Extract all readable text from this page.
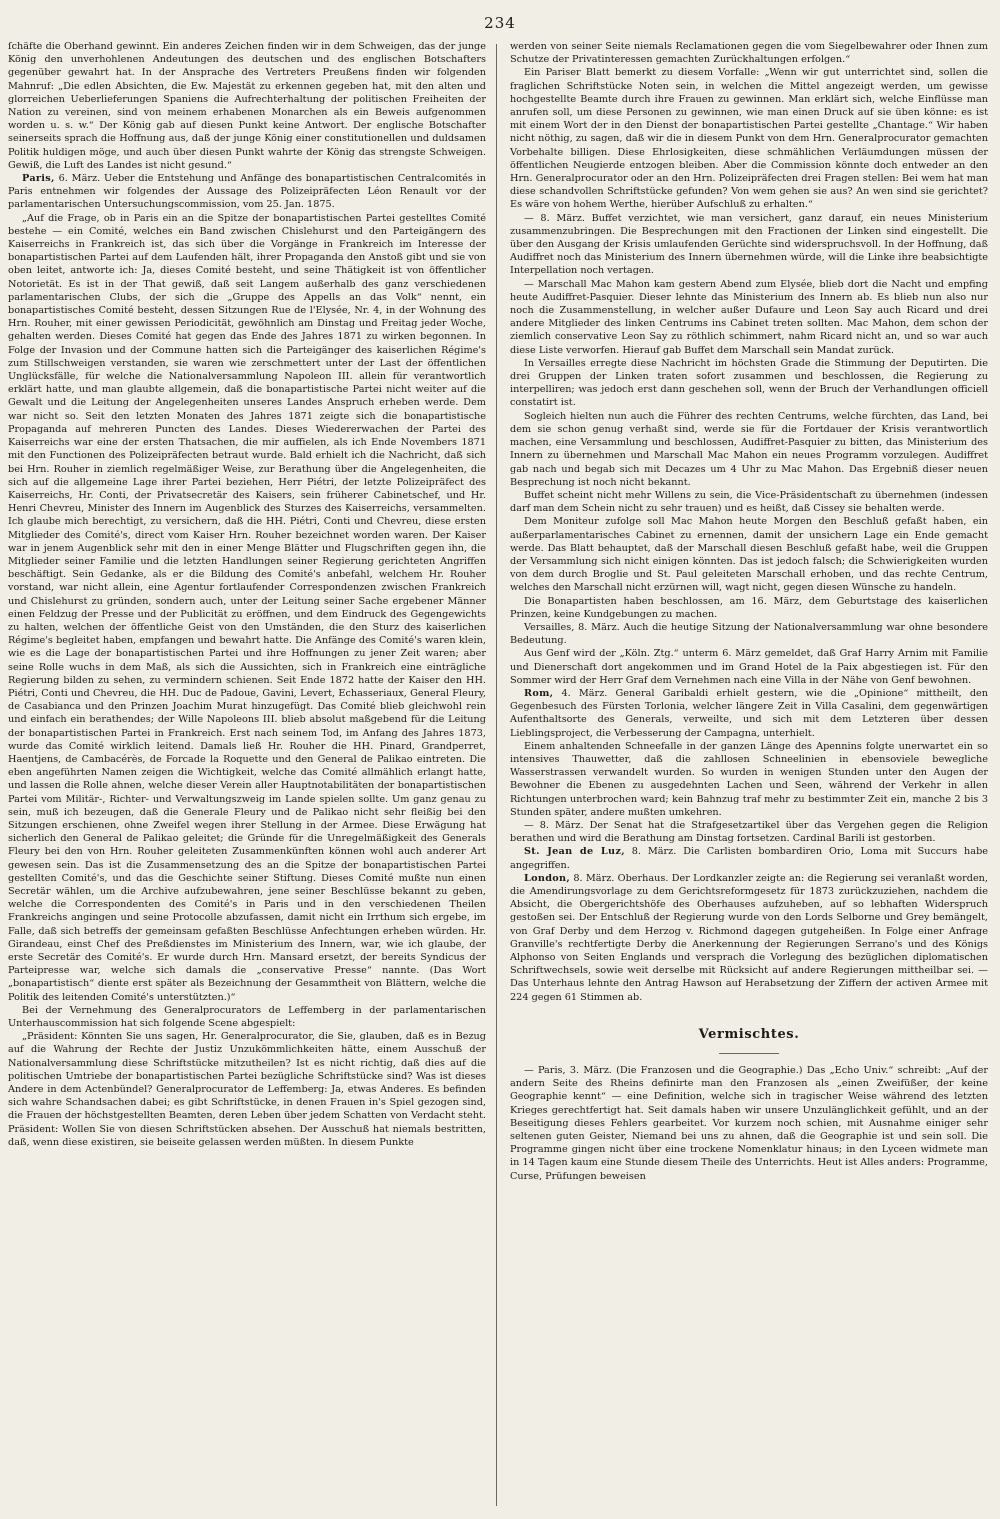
234

ſchäfte die Oberhand gewinnt. Ein anderes Zeichen finden wir in dem Schweigen, das der junge König den unverhohlenen Andeutungen des deutschen und des englischen Botschafters gegenüber gewahrt hat. In der Ansprache des Vertreters Preußens finden wir folgenden Mahnruf: „Die edlen Absichten, die Ew. Majestät zu erkennen gegeben hat, mit den alten und glorreichen Ueberlieferungen Spaniens die Aufrechterhaltung der politischen Freiheiten der Nation zu vereinen, sind von meinem erhabenen Monarchen als ein Beweis aufgenommen worden u. s. w.“ Der König gab auf diesen Punkt keine Antwort. Der englische Botschafter seinerseits sprach die Hoffnung aus, daß der junge König einer constitutionellen und duldsamen Politik huldigen möge, und auch über diesen Punkt wahrte der König das strengste Schweigen. Gewiß, die Luft des Landes ist nicht gesund.“

Paris, 6. März. Ueber die Entstehung und Anfänge des bonapartistischen Centralcomités in Paris entnehmen wir folgendes der Aussage des Polizeipräfecten Léon Renault vor der parlamentarischen Untersuchungscommission, vom 25. Jan. 1875.

„Auf die Frage, ob in Paris ein an die Spitze der bonapartistischen Partei gestelltes Comité bestehe — ein Comité, welches ein Band zwischen Chislehurst und den Parteigängern des Kaiserreichs in Frankreich ist, das sich über die Vorgänge in Frankreich im Interesse der bonapartistischen Partei auf dem Laufenden hält, ihrer Propaganda den Anstoß gibt und sie von oben leitet, antworte ich: Ja, dieses Comité besteht, und seine Thätigkeit ist von öffentlicher Notorietät. Es ist in der That gewiß, daß seit Langem außerhalb des ganz verschiedenen parlamentarischen Clubs, der sich die „Gruppe des Appells an das Volk“ nennt, ein bonapartistisches Comité besteht, dessen Sitzungen Rue de l'Elysée, Nr. 4, in der Wohnung des Hrn. Rouher, mit einer gewissen Periodicität, gewöhnlich am Dinstag und Freitag jeder Woche, gehalten werden. Dieses Comité hat gegen das Ende des Jahres 1871 zu wirken begonnen. In Folge der Invasion und der Commune hatten sich die Parteigänger des kaiserlichen Régime's zum Stillschweigen verstanden, sie waren wie zerschmettert unter der Last der öffentlichen Unglücksfälle, für welche die Nationalversammlung Napoleon III. allein für verantwortlich erklärt hatte, und man glaubte allgemein, daß die bonapartistische Partei nicht weiter auf die Gewalt und die Leitung der Angelegenheiten unseres Landes Anspruch erheben werde. Dem war nicht so. Seit den letzten Monaten des Jahres 1871 zeigte sich die bonapartistische Propaganda auf mehreren Puncten des Landes. Dieses Wiedererwachen der Partei des Kaiserreichs war eine der ersten Thatsachen, die mir auffielen, als ich Ende Novembers 1871 mit den Functionen des Polizeipräfecten betraut wurde. Bald erhielt ich die Nachricht, daß sich bei Hrn. Rouher in ziemlich regelmäßiger Weise, zur Berathung über die Angelegenheiten, die sich auf die allgemeine Lage ihrer Partei beziehen, Herr Piétri, der letzte Polizeipräfect des Kaiserreichs, Hr. Conti, der Privatsecretär des Kaisers, sein früherer Cabinetschef, und Hr. Henri Chevreu, Minister des Innern im Augenblick des Sturzes des Kaiserreichs, versammelten. Ich glaube mich berechtigt, zu versichern, daß die HH. Piétri, Conti und Chevreu, diese ersten Mitglieder des Comité's, direct vom Kaiser Hrn. Rouher bezeichnet worden waren. Der Kaiser war in jenem Augenblick sehr mit den in einer Menge Blätter und Flugschriften gegen ihn, die Mitglieder seiner Familie und die letzten Handlungen seiner Regierung gerichteten Angriffen beschäftigt. Sein Gedanke, als er die Bildung des Comité's anbefahl, welchem Hr. Rouher vorstand, war nicht allein, eine Agentur fortlaufender Correspondenzen zwischen Frankreich und Chislehurst zu gründen, sondern auch, unter der Leitung seiner Sache ergebener Männer einen Feldzug der Presse und der Publicität zu eröffnen, und dem Eindruck des Gegengewichts zu halten, welchen der öffentliche Geist von den Umständen, die den Sturz des kaiserlichen Régime's begleitet haben, empfangen und bewahrt hatte. Die Anfänge des Comité's waren klein, wie es die Lage der bonapartistischen Partei und ihre Hoffnungen zu jener Zeit waren; aber seine Rolle wuchs in dem Maß, als sich die Aussichten, sich in Frankreich eine einträgliche Regierung bilden zu sehen, zu vermindern schienen. Seit Ende 1872 hatte der Kaiser den HH. Piétri, Conti und Chevreu, die HH. Duc de Padoue, Gavini, Levert, Echasseriaux, General Fleury, de Casabianca und den Prinzen Joachim Murat hinzugefügt. Das Comité blieb gleichwohl rein und einfach ein berathendes; der Wille Napoleons III. blieb absolut maßgebend für die Leitung der bonapartistischen Partei in Frankreich. Erst nach seinem Tod, im Anfang des Jahres 1873, wurde das Comité wirklich leitend. Damals ließ Hr. Rouher die HH. Pinard, Grandperret, Haentjens, de Cambacérès, de Forcade la Roquette und den General de Palikao eintreten. Die eben angeführten Namen zeigen die Wichtigkeit, welche das Comité allmählich erlangt hatte, und lassen die Rolle ahnen, welche dieser Verein aller Hauptnotabilitäten der bonapartistischen Partei vom Militär-, Richter- und Verwaltungszweig im Lande spielen sollte. Um ganz genau zu sein, muß ich bezeugen, daß die Generale Fleury und de Palikao nicht sehr fleißig bei den Sitzungen erschienen, ohne Zweifel wegen ihrer Stellung in der Armee. Diese Erwägung hat sicherlich den General de Palikao geleitet; die Gründe für die Unregelmäßigkeit des Generals Fleury bei den von Hrn. Rouher geleiteten Zusammenkünften können wohl auch anderer Art gewesen sein. Das ist die Zusammensetzung des an die Spitze der bonapartistischen Partei gestellten Comité's, und das die Geschichte seiner Stiftung. Dieses Comité mußte nun einen Secretär wählen, um die Archive aufzubewahren, jene seiner Beschlüsse bekannt zu geben, welche die Correspondenten des Comité's in Paris und in den verschiedenen Theilen Frankreichs angingen und seine Protocolle abzufassen, damit nicht ein Irrthum sich ergebe, im Falle, daß sich betreffs der gemeinsam gefaßten Beschlüsse Anfechtungen erheben würden. Hr. Girandeau, einst Chef des Preßdienstes im Ministerium des Innern, war, wie ich glaube, der erste Secretär des Comité's. Er wurde durch Hrn. Mansard ersetzt, der bereits Syndicus der Parteipresse war, welche sich damals die „conservative Presse“ nannte. (Das Wort „bonapartistisch“ diente erst später als Bezeichnung der Gesammtheit von Blättern, welche die Politik des leitenden Comité's unterstützten.)“

Bei der Vernehmung des Generalprocurators de Leffemberg in der parlamentarischen Unterhauscommission hat sich folgende Scene abgespielt:

„Präsident: Könnten Sie uns sagen, Hr. Generalprocurator, die Sie, glauben, daß es in Bezug auf die Wahrung der Rechte der Justiz Unzukömmlichkeiten hätte, einem Ausschuß der Nationalversammlung diese Schriftstücke mitzutheilen? Ist es nicht richtig, daß dies auf die politischen Umtriebe der bonapartistischen Partei bezügliche Schriftstücke sind? Was ist dieses Andere in dem Actenbündel? Generalprocurator de Leffemberg: Ja, etwas Anderes. Es befinden sich wahre Schandsachen dabei; es gibt Schriftstücke, in denen Frauen in's Spiel gezogen sind, die Frauen der höchstgestellten Beamten, deren Leben über jedem Schatten von Verdacht steht. Präsident: Wollen Sie von diesen Schriftstücken absehen. Der Ausschuß hat niemals bestritten, daß, wenn diese existiren, sie beiseite gelassen werden müßten. In diesem Punkte

werden von seiner Seite niemals Reclamationen gegen die vom Siegelbewahrer oder Ihnen zum Schutze der Privatinteressen gemachten Zurückhaltungen erfolgen.“

Ein Pariser Blatt bemerkt zu diesem Vorfalle: „Wenn wir gut unterrichtet sind, sollen die fraglichen Schriftstücke Noten sein, in welchen die Mittel angezeigt werden, um gewisse hochgestellte Beamte durch ihre Frauen zu gewinnen. Man erklärt sich, welche Einflüsse man anrufen soll, um diese Personen zu gewinnen, wie man einen Druck auf sie üben könne: es ist mit einem Wort der in den Dienst der bonapartistischen Partei gestellte „Chantage.“ Wir haben nicht nöthig, zu sagen, daß wir die in diesem Punkt von dem Hrn. Generalprocurator gemachten Vorbehalte billigen. Diese Ehrlosigkeiten, diese schmählichen Verläumdungen müssen der öffentlichen Neugierde entzogen bleiben. Aber die Commission könnte doch entweder an den Hrn. Generalprocurator oder an den Hrn. Polizeipräfecten drei Fragen stellen: Bei wem hat man diese schandvollen Schriftstücke gefunden? Von wem gehen sie aus? An wen sind sie gerichtet? Es wäre von hohem Werthe, hierüber Aufschluß zu erhalten.“

— 8. März. Buffet verzichtet, wie man versichert, ganz darauf, ein neues Ministerium zusammenzubringen. Die Besprechungen mit den Fractionen der Linken sind eingestellt. Die über den Ausgang der Krisis umlaufenden Gerüchte sind widerspruchsvoll. In der Hoffnung, daß Audiffret noch das Ministerium des Innern übernehmen würde, will die Linke ihre beabsichtigte Interpellation noch vertagen.

— Marschall Mac Mahon kam gestern Abend zum Elysée, blieb dort die Nacht und empfing heute Audiffret-Pasquier. Dieser lehnte das Ministerium des Innern ab. Es blieb nun also nur noch die Zusammenstellung, in welcher außer Dufaure und Leon Say auch Ricard und drei andere Mitglieder des linken Centrums ins Cabinet treten sollten. Mac Mahon, dem schon der ziemlich conservative Leon Say zu röthlich schimmert, nahm Ricard nicht an, und so war auch diese Liste verworfen. Hierauf gab Buffet dem Marschall sein Mandat zurück.

In Versailles erregte diese Nachricht im höchsten Grade die Stimmung der Deputirten. Die drei Gruppen der Linken traten sofort zusammen und beschlossen, die Regierung zu interpelliren; was jedoch erst dann geschehen soll, wenn der Bruch der Verhandlungen officiell constatirt ist.

Sogleich hielten nun auch die Führer des rechten Centrums, welche fürchten, das Land, bei dem sie schon genug verhaßt sind, werde sie für die Fortdauer der Krisis verantwortlich machen, eine Versammlung und beschlossen, Audiffret-Pasquier zu bitten, das Ministerium des Innern zu übernehmen und Marschall Mac Mahon ein neues Programm vorzulegen. Audiffret gab nach und begab sich mit Decazes um 4 Uhr zu Mac Mahon. Das Ergebniß dieser neuen Besprechung ist noch nicht bekannt.

Buffet scheint nicht mehr Willens zu sein, die Vice-Präsidentschaft zu übernehmen (indessen darf man dem Schein nicht zu sehr trauen) und es heißt, daß Cissey sie behalten werde.

Dem Moniteur zufolge soll Mac Mahon heute Morgen den Beschluß gefaßt haben, ein außerparlamentarisches Cabinet zu ernennen, damit der unsichern Lage ein Ende gemacht werde. Das Blatt behauptet, daß der Marschall diesen Beschluß gefaßt habe, weil die Gruppen der Versammlung sich nicht einigen könnten. Das ist jedoch falsch; die Schwierigkeiten wurden von dem durch Broglie und St. Paul geleiteten Marschall erhoben, und das rechte Centrum, welches den Marschall nicht erzürnen will, wagt nicht, gegen diesen Wünsche zu handeln.

Die Bonapartisten haben beschlossen, am 16. März, dem Geburtstage des kaiserlichen Prinzen, keine Kundgebungen zu machen.

Versailles, 8. März. Auch die heutige Sitzung der Nationalversammlung war ohne besondere Bedeutung.

Aus Genf wird der „Köln. Ztg.“ unterm 6. März gemeldet, daß Graf Harry Arnim mit Familie und Dienerschaft dort angekommen und im Grand Hotel de la Paix abgestiegen ist. Für den Sommer wird der Herr Graf dem Vernehmen nach eine Villa in der Nähe von Genf bewohnen.

Rom, 4. März. General Garibaldi erhielt gestern, wie die „Opinione“ mittheilt, den Gegenbesuch des Fürsten Torlonia, welcher längere Zeit in Villa Casalini, dem gegenwärtigen Aufenthaltsorte des Generals, verweilte, und sich mit dem Letzteren über dessen Lieblingsproject, die Verbesserung der Campagna, unterhielt.

Einem anhaltenden Schneefalle in der ganzen Länge des Apennins folgte unerwartet ein so intensives Thauwetter, daß die zahllosen Schneelinien in ebensoviele bewegliche Wasserstrassen verwandelt wurden. So wurden in wenigen Stunden unter den Augen der Bewohner die Ebenen zu ausgedehnten Lachen und Seen, während der Verkehr in allen Richtungen unterbrochen ward; kein Bahnzug traf mehr zu bestimmter Zeit ein, manche 2 bis 3 Stunden später, andere mußten umkehren.

— 8. März. Der Senat hat die Strafgesetzartikel über das Vergehen gegen die Religion berathen und wird die Berathung am Dinstag fortsetzen. Cardinal Barili ist gestorben.

St. Jean de Luz, 8. März. Die Carlisten bombardiren Orio, Loma mit Succurs habe angegriffen.

London, 8. März. Oberhaus. Der Lordkanzler zeigte an: die Regierung sei veranlaßt worden, die Amendirungsvorlage zu dem Gerichtsreformgesetz für 1873 zurückzuziehen, nachdem die Absicht, die Obergerichtshöfe des Oberhauses aufzuheben, auf so lebhaften Widerspruch gestoßen sei. Der Entschluß der Regierung wurde von den Lords Selborne und Grey bemängelt, von Graf Derby und dem Herzog v. Richmond dagegen gutgeheißen. In Folge einer Anfrage Granville's rechtfertigte Derby die Anerkennung der Regierungen Serrano's und des Königs Alphonso von Seiten Englands und versprach die Vorlegung des bezüglichen diplomatischen Schriftwechsels, sowie weit derselbe mit Rücksicht auf andere Regierungen mittheilbar sei. — Das Unterhaus lehnte den Antrag Hawson auf Herabsetzung der Ziffern der activen Armee mit 224 gegen 61 Stimmen ab.

Vermischtes.

— Paris, 3. März. (Die Franzosen und die Geographie.) Das „Echo Univ.“ schreibt: „Auf der andern Seite des Rheins definirte man den Franzosen als „einen Zweifüßer, der keine Geographie kennt“ — eine Definition, welche sich in tragischer Weise während des letzten Krieges gerechtfertigt hat. Seit damals haben wir unsere Unzulänglichkeit gefühlt, und an der Beseitigung dieses Fehlers gearbeitet. Vor kurzem noch schien, mit Ausnahme einiger sehr seltenen guten Geister, Niemand bei uns zu ahnen, daß die Geographie ist und sein soll. Die Programme gingen nicht über eine trockene Nomenklatur hinaus; in den Lyceen widmete man in 14 Tagen kaum eine Stunde diesem Theile des Unterrichts. Heut ist Alles anders: Programme, Curse, Prüfungen beweisen
